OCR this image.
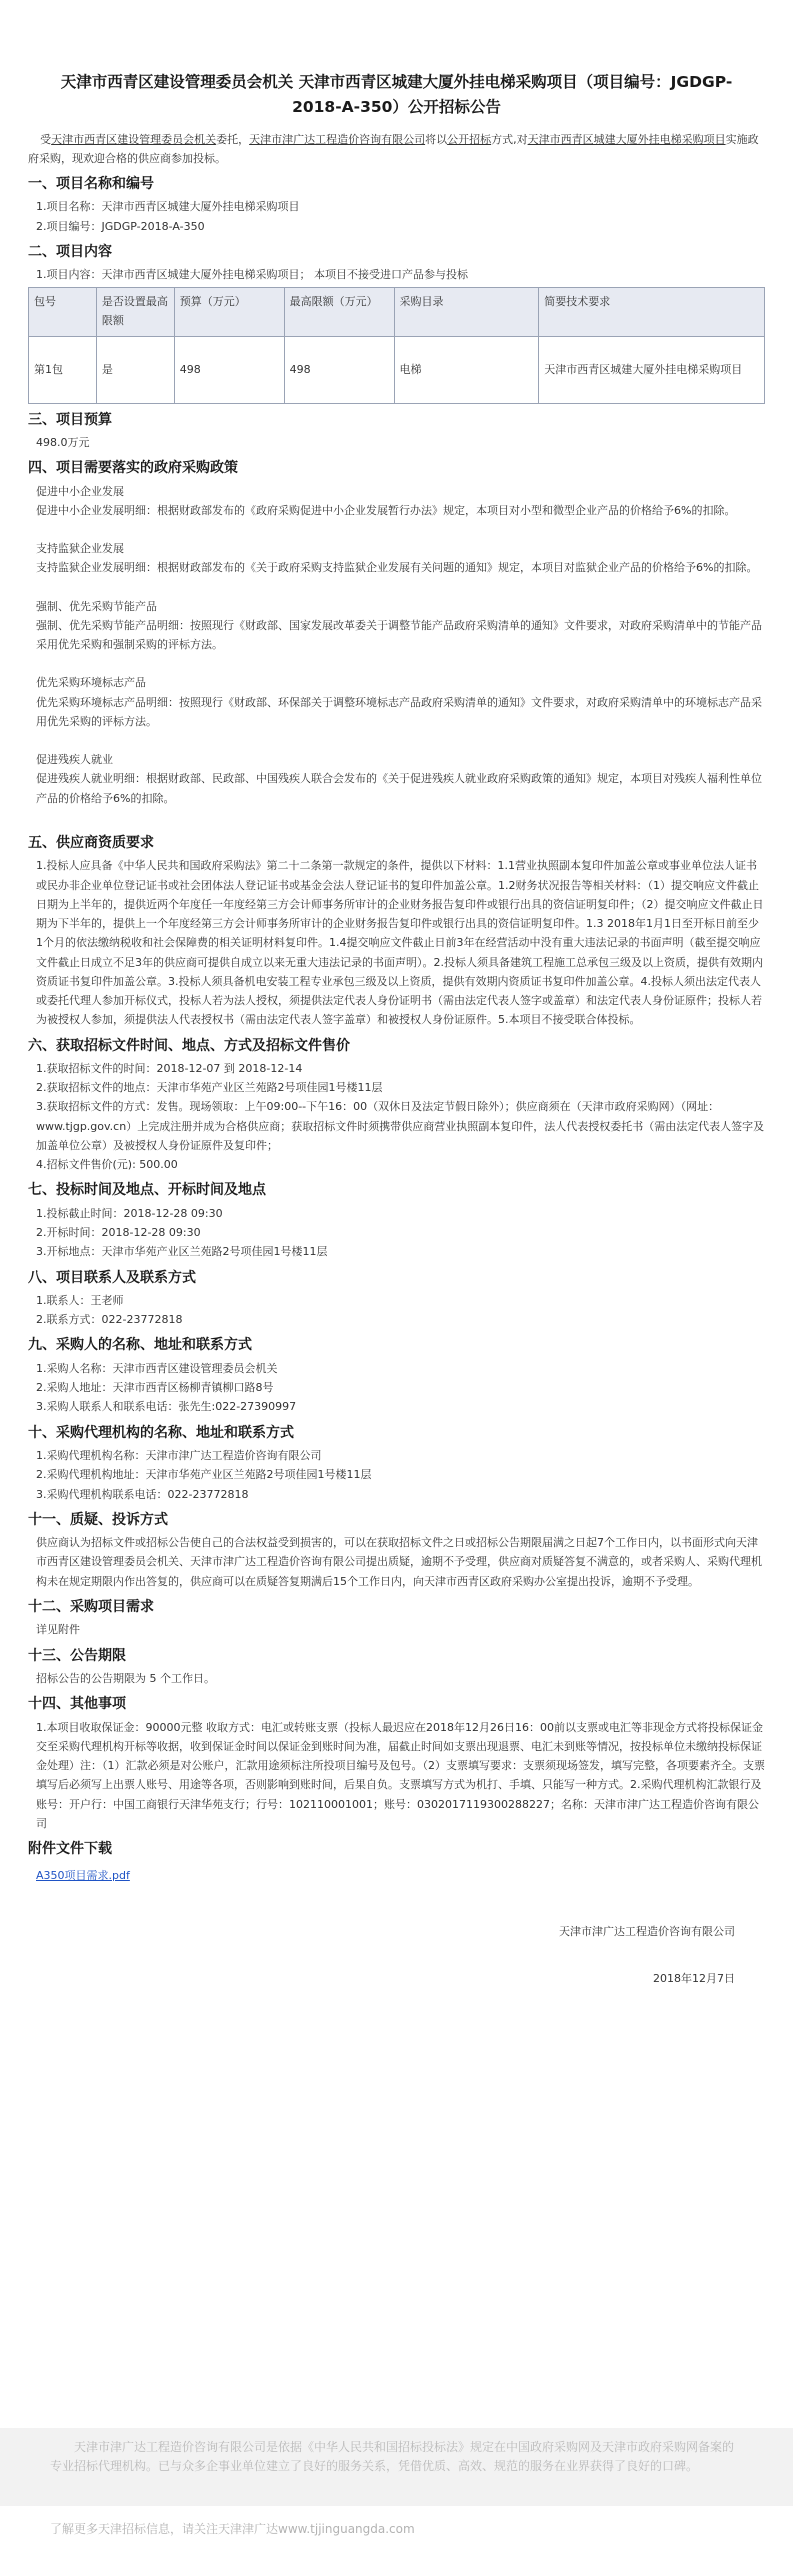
天津市西青区建设管理委员会机关 天津市西青区城建大厦外挂电梯采购项目（项目编号：JGDGP-2018-A-350）公开招标公告
受天津市西青区建设管理委员会机关委托，天津市津广达工程造价咨询有限公司将以公开招标方式,对天津市西青区城建大厦外挂电梯采购项目实施政府采购，现欢迎合格的供应商参加投标。
一、项目名称和编号
1.项目名称：天津市西青区城建大厦外挂电梯采购项目
2.项目编号：JGDGP-2018-A-350
二、项目内容
1.项目内容：天津市西青区城建大厦外挂电梯采购项目； 本项目不接受进口产品参与投标
包号	是否设置最高限额	预算（万元）	最高限额（万元）	采购目录	简要技术要求
第1包	是	498	498	电梯	天津市西青区城建大厦外挂电梯采购项目
三、项目预算
498.0万元
四、项目需要落实的政府采购政策
促进中小企业发展
促进中小企业发展明细：根据财政部发布的《政府采购促进中小企业发展暂行办法》规定，本项目对小型和微型企业产品的价格给予6%的扣除。
支持监狱企业发展
支持监狱企业发展明细：根据财政部发布的《关于政府采购支持监狱企业发展有关问题的通知》规定，本项目对监狱企业产品的价格给予6%的扣除。
强制、优先采购节能产品
强制、优先采购节能产品明细：按照现行《财政部、国家发展改革委关于调整节能产品政府采购清单的通知》文件要求，对政府采购清单中的节能产品采用优先采购和强制采购的评标方法。
优先采购环境标志产品
优先采购环境标志产品明细：按照现行《财政部、环保部关于调整环境标志产品政府采购清单的通知》文件要求，对政府采购清单中的环境标志产品采用优先采购的评标方法。
促进残疾人就业
促进残疾人就业明细：根据财政部、民政部、中国残疾人联合会发布的《关于促进残疾人就业政府采购政策的通知》规定，本项目对残疾人福利性单位产品的价格给予6%的扣除。
五、供应商资质要求
1.投标人应具备《中华人民共和国政府采购法》第二十二条第一款规定的条件，提供以下材料：1.1营业执照副本复印件加盖公章或事业单位法人证书或民办非企业单位登记证书或社会团体法人登记证书或基金会法人登记证书的复印件加盖公章。1.2财务状况报告等相关材料：（1）提交响应文件截止日期为上半年的，提供近两个年度任一年度经第三方会计师事务所审计的企业财务报告复印件或银行出具的资信证明复印件；（2）提交响应文件截止日期为下半年的，提供上一个年度经第三方会计师事务所审计的企业财务报告复印件或银行出具的资信证明复印件。1.3 2018年1月1日至开标日前至少1个月的依法缴纳税收和社会保障费的相关证明材料复印件。1.4提交响应文件截止日前3年在经营活动中没有重大违法记录的书面声明（截至提交响应文件截止日成立不足3年的供应商可提供自成立以来无重大违法记录的书面声明）。2.投标人须具备建筑工程施工总承包三级及以上资质，提供有效期内资质证书复印件加盖公章。3.投标人须具备机电安装工程专业承包三级及以上资质，提供有效期内资质证书复印件加盖公章。4.投标人须出法定代表人或委托代理人参加开标仪式，投标人若为法人授权，须提供法定代表人身份证明书（需由法定代表人签字或盖章）和法定代表人身份证原件；投标人若为被授权人参加，须提供法人代表授权书（需由法定代表人签字盖章）和被授权人身份证原件。5.本项目不接受联合体投标。
六、获取招标文件时间、地点、方式及招标文件售价
1.获取招标文件的时间：2018-12-07 到 2018-12-14
2.获取招标文件的地点：天津市华苑产业区兰苑路2号项佳园1号楼11层
3.获取招标文件的方式：发售。现场领取：上午09:00--下午16：00（双休日及法定节假日除外）；供应商须在（天津市政府采购网）（网址：www.tjgp.gov.cn）上完成注册并成为合格供应商；获取招标文件时须携带供应商营业执照副本复印件，法人代表授权委托书（需由法定代表人签字及加盖单位公章）及被授权人身份证原件及复印件；
4.招标文件售价(元): 500.00
七、投标时间及地点、开标时间及地点
1.投标截止时间：2018-12-28 09:30
2.开标时间：2018-12-28 09:30
3.开标地点：天津市华苑产业区兰苑路2号项佳园1号楼11层
八、项目联系人及联系方式
1.联系人：王老师
2.联系方式：022-23772818
九、采购人的名称、地址和联系方式
1.采购人名称：天津市西青区建设管理委员会机关
2.采购人地址：天津市西青区杨柳青镇柳口路8号
3.采购人联系人和联系电话：张先生:022-27390997
十、采购代理机构的名称、地址和联系方式
1.采购代理机构名称：天津市津广达工程造价咨询有限公司
2.采购代理机构地址：天津市华苑产业区兰苑路2号项佳园1号楼11层
3.采购代理机构联系电话：022-23772818
十一、质疑、投诉方式
供应商认为招标文件或招标公告使自己的合法权益受到损害的，可以在获取招标文件之日或招标公告期限届满之日起7个工作日内，以书面形式向天津市西青区建设管理委员会机关、天津市津广达工程造价咨询有限公司提出质疑，逾期不予受理，供应商对质疑答复不满意的，或者采购人、采购代理机构未在规定期限内作出答复的，供应商可以在质疑答复期满后15个工作日内，向天津市西青区政府采购办公室提出投诉，逾期不予受理。
十二、采购项目需求
详见附件
十三、公告期限
招标公告的公告期限为 5 个工作日。
十四、其他事项
1.本项目收取保证金：90000元整 收取方式：电汇或转账支票（投标人最迟应在2018年12月26日16：00前以支票或电汇等非现金方式将投标保证金交至采购代理机构开标等收据，收到保证金时间以保证金到账时间为准，届截止时间如支票出现退票、电汇未到账等情况，按投标单位未缴纳投标保证金处理）注：（1）汇款必须是对公账户，汇款用途须标注所投项目编号及包号。（2）支票填写要求：支票须现场签发，填写完整，各项要素齐全。支票填写后必须写上出票人账号、用途等各项，否则影响到账时间，后果自负。支票填写方式为机打、手填、只能写一种方式。2.采购代理机构汇款银行及账号：开户行：中国工商银行天津华苑支行；行号：102110001001；账号：0302017119300288227；名称：天津市津广达工程造价咨询有限公司
附件文件下载
A350项目需求.pdf
天津市津广达工程造价咨询有限公司
2018年12月7日
天津市津广达工程造价咨询有限公司是依据《中华人民共和国招标投标法》规定在中国政府采购网及天津市政府采购网备案的专业招标代理机构。已与众多企事业单位建立了良好的服务关系，凭借优质、高效、规范的服务在业界获得了良好的口碑。
了解更多天津招标信息，请关注天津津广达www.tjjinguangda.com
